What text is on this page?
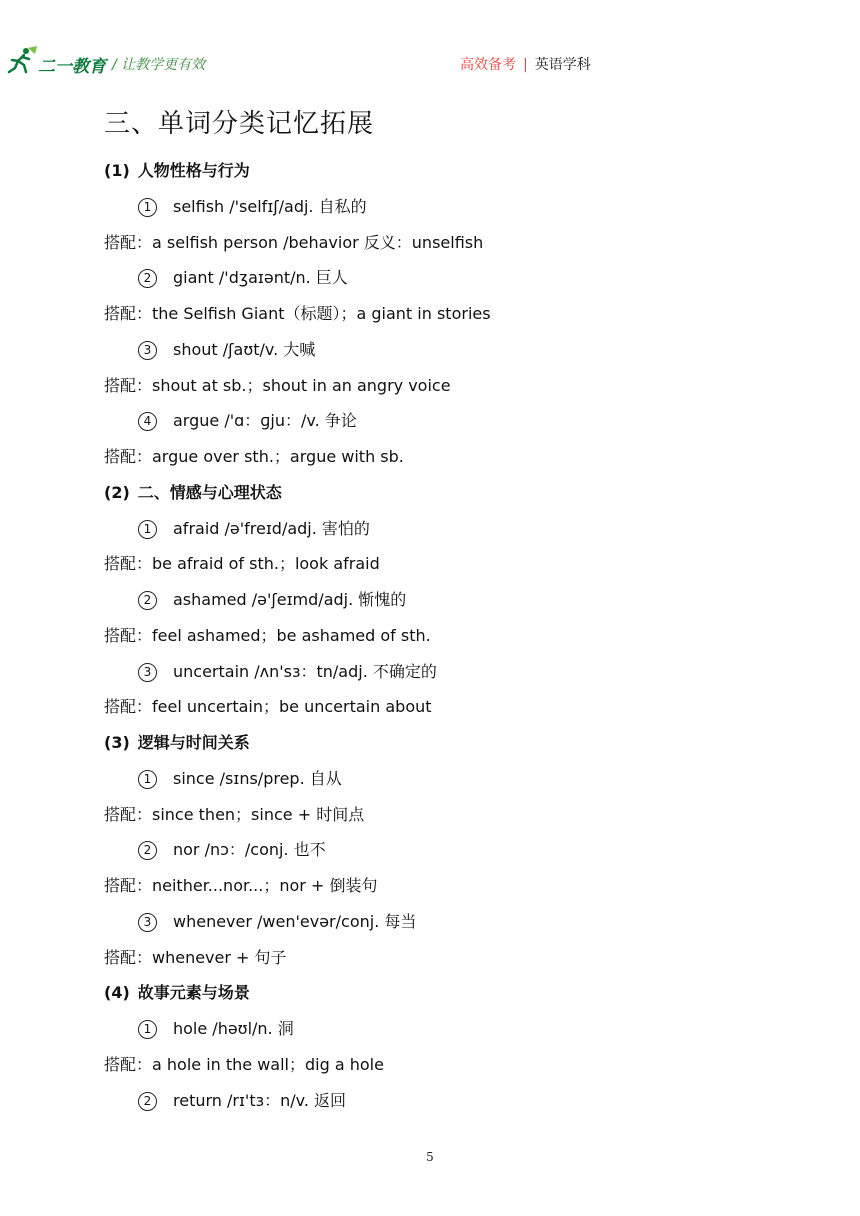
二一教育 / 让教学更有效	高效备考 | 英语学科
三、单词分类记忆拓展
(1) 人物性格与行为
1 selfish /'selfɪʃ/adj. 自私的
搭配：a selfish person /behavior 反义：unselfish
2 giant /'dʒaɪənt/n. 巨人
搭配：the Selfish Giant（标题）；a giant in stories
3 shout /ʃaʊt/v. 大喊
搭配：shout at sb.；shout in an angry voice
4 argue /'ɑ：ɡju：/v. 争论
搭配：argue over sth.；argue with sb.
(2) 二、情感与心理状态
1 afraid /ə'freɪd/adj. 害怕的
搭配：be afraid of sth.；look afraid
2 ashamed /ə'ʃeɪmd/adj. 惭愧的
搭配：feel ashamed；be ashamed of sth.
3 uncertain /ʌn'sɜ：tn/adj. 不确定的
搭配：feel uncertain；be uncertain about
(3) 逻辑与时间关系
1 since /sɪns/prep. 自从
搭配：since then；since + 时间点
2 nor /nɔ：/conj. 也不
搭配：neither...nor...；nor + 倒装句
3 whenever /wen'evər/conj. 每当
搭配：whenever + 句子
(4) 故事元素与场景
1 hole /həʊl/n. 洞
搭配：a hole in the wall；dig a hole
2 return /rɪ'tɜ：n/v. 返回
5
